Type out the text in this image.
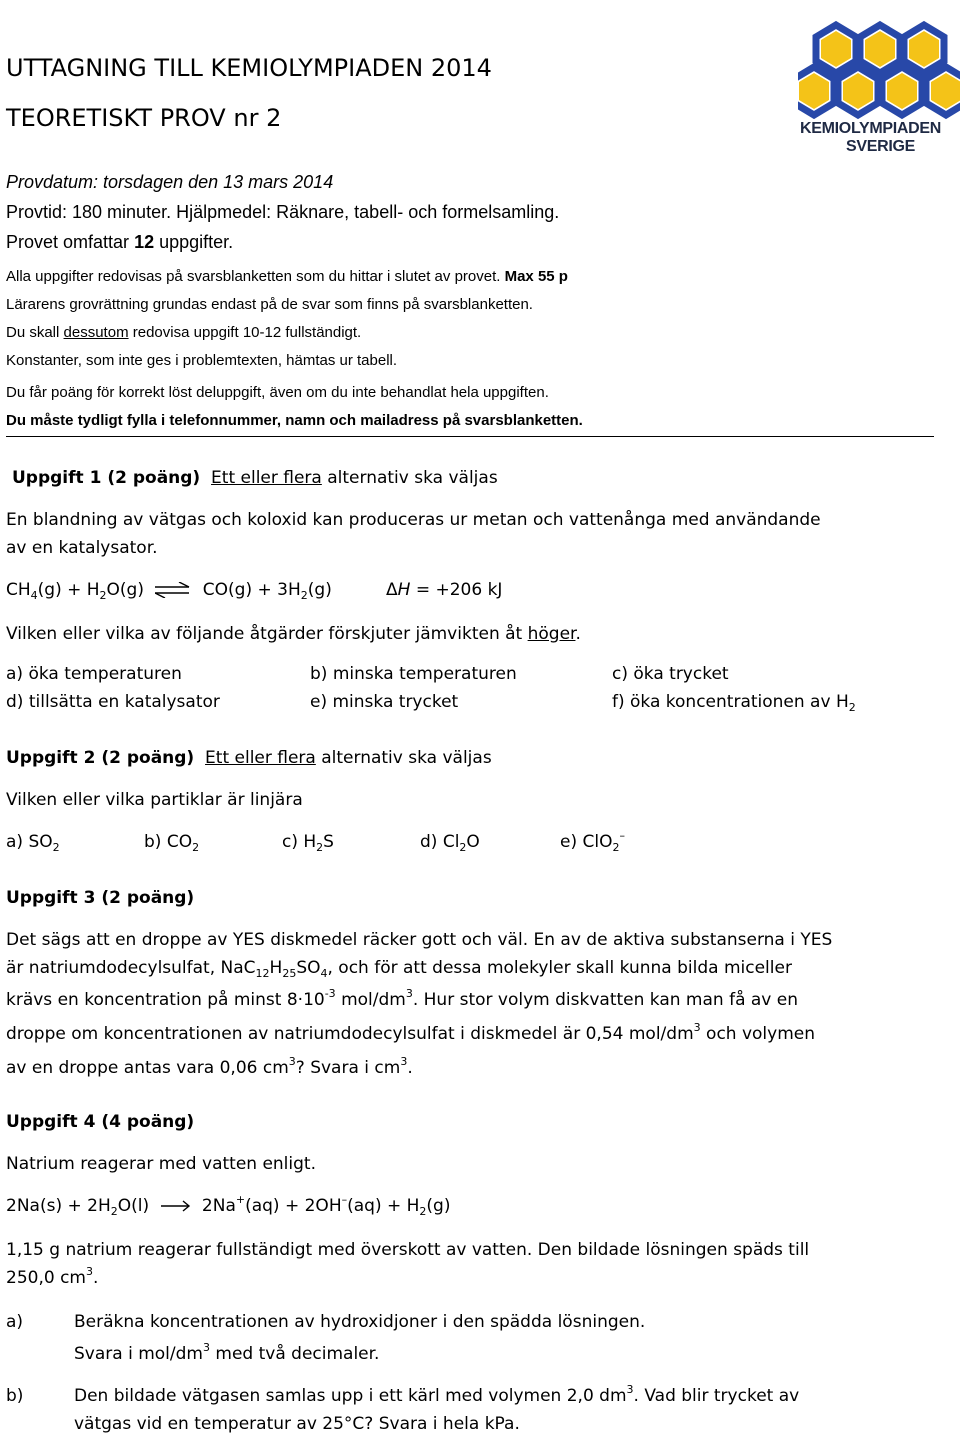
UTTAGNING TILL KEMIOLYMPIADEN 2014
TEORETISKT PROV nr 2	KEMIOLYMPIADEN
SVERIGE
Provdatum: torsdagen den 13 mars 2014
Provtid: 180 minuter. Hjälpmedel: Räknare, tabell- och formelsamling.
Provet omfattar 12 uppgifter.
Alla uppgifter redovisas på svarsblanketten som du hittar i slutet av provet. Max 55 p
Lärarens grovrättning grundas endast på de svar som finns på svarsblanketten.
Du skall dessutom redovisa uppgift 10-12 fullständigt.
Konstanter, som inte ges i problemtexten, hämtas ur tabell.
Du får poäng för korrekt löst deluppgift, även om du inte behandlat hela uppgiften.
Du måste tydligt fylla i telefonnummer, namn och mailadress på svarsblanketten.
Uppgift 1 (2 poäng) Ett eller flera alternativ ska väljas
En blandning av vätgas och koloxid kan produceras ur metan och vattenånga med användande
av en katalysator.
$CH_4(g) + H_2O(g)$ ⇌ $CO(g) + 3H_2(g)$	ΔH = +206 kJ
Vilken eller vilka av följande åtgärder förskjuter jämvikten åt höger.
a) öka temperaturen	b) minska temperaturen	c) öka trycket
d) tillsätta en katalysator	e) minska trycket	f) öka koncentrationen av $H_2$
Uppgift 2 (2 poäng) Ett eller flera alternativ ska väljas
Vilken eller vilka partiklar är linjära
a) $SO_2$	b) $CO_2$	c) $H_2S$	d) $Cl_2O$	e) ClO$_2$–
Uppgift 3 (2 poäng)
Det sägs att en droppe av YES diskmedel räcker gott och väl. En av de aktiva substanserna i YES
är natriumdodecylsulfat, $NaC_{12}H_{25}SO_4$, och för att dessa molekyler skall kunna bilda miceller
krävs en koncentration på minst $8\cdot 10^{-3}$ mol/$dm^3$. Hur stor volym diskvatten kan man få av en
droppe om koncentrationen av natriumdodecylsulfat i diskmedel är 0,54 mol/$dm^3$ och volymen
av en droppe antas vara 0,06 $cm^3$? Svara i $cm^3$.
Uppgift 4 (4 poäng)
Natrium reagerar med vatten enligt.
$2Na(s) + 2H_2O(l) \to 2Na^+(aq) + 2OH^-(aq) + H_2(g)$
1,15 g natrium reagerar fullständigt med överskott av vatten. Den bildade lösningen späds till
250,0 $cm^3$.
a)	Beräkna koncentrationen av hydroxidjoner i den spädda lösningen.
Svara i mol/$dm^3$ med två decimaler.
b)	Den bildade vätgasen samlas upp i ett kärl med volymen 2,0 $dm^3$. Vad blir trycket av
vätgas vid en temperatur av 25°C? Svara i hela kPa.
